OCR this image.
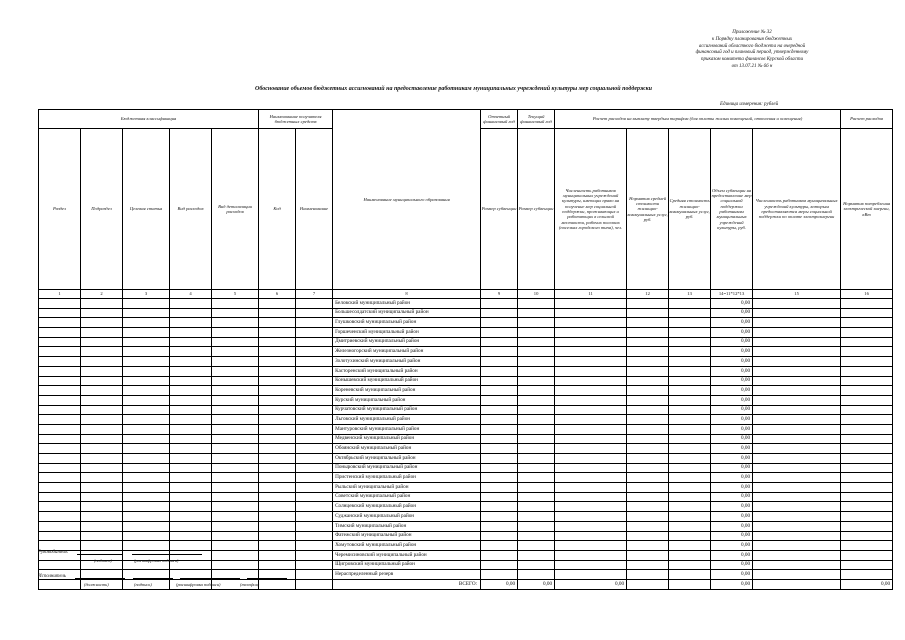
Приложение № 32
к Порядку планирования бюджетных
ассигнований областного бюджета на очередной
финансовый год и плановый период, утвержденному
приказом комитета финансов Курской области
от 13.07.21 № 66 н
Обоснование объемов бюджетных ассигнований на предоставление работникам муниципальных учреждений культуры мер социальной поддержки
Единица измерения: рублей
Бюджетная классификация					Наименование получателя бюджетных средств		Наименование муниципального образования	Отчетный финансовый год	Текущий финансовый год	Расчет расходов на выплату твердым тарифом (для оплаты жилых помещений, отопления и освещения)					Расчет расходов
Раздел	Подраздел	Целевая статья	Вид расходов	Вид детализации расходов	Код	Наименование		Размер субвенции	Размер субвенции	Численность работников муниципальных учреждений культуры, имеющих право на получение мер социальной поддержки, проживающих и работающих в сельской местности, рабочих поселках (поселках городского типа), чел.	Норматив средней стоимости жилищно-коммунальных услуг, руб.	Средняя стоимость жилищно-коммунальных услуг, руб.	Объем субвенции на предоставление мер социальной поддержки работникам муниципальных учреждений культуры, руб.	Численность работников муниципальных учреждений культуры, которым предоставляются меры социальной поддержки по оплате электроэнергии	Норматив потребления электрической энергии, кВт
1	2	3	4	5	6	7	8	9	10	11	12	13	14=11*12*13	15	16
							Беловский муниципальный район						0,00		
							Большесолдатский муниципальный район						0,00		
							Глушковский муниципальный район						0,00		
							Горшеченский муниципальный район						0,00		
							Дмитриевский муниципальный район						0,00		
							Железногорский муниципальный район						0,00		
							Золотухинский муниципальный район						0,00		
							Касторенский муниципальный район						0,00		
							Конышевский муниципальный район						0,00		
							Кореневский муниципальный район						0,00		
							Курский муниципальный район						0,00		
							Курчатовский муниципальный район						0,00		
							Льговский муниципальный район						0,00		
							Мантуровский муниципальный район						0,00		
							Медвенский муниципальный район						0,00		
							Обоянский муниципальный район						0,00		
							Октябрьский муниципальный район						0,00		
							Поныровский муниципальный район						0,00		
							Пристенский муниципальный район						0,00		
							Рыльский муниципальный район						0,00		
							Советский муниципальный район						0,00		
							Солнцевский муниципальный район						0,00		
							Суджанский муниципальный район						0,00		
							Тимский муниципальный район						0,00		
							Фатежский муниципальный район						0,00		
							Хомутовский муниципальный район						0,00		
							Черемисиновский муниципальный район						0,00		
							Щигровский муниципальный район						0,00		
							Нераспределенный резерв						0,00		
							ВСЕГО:	0,00	0,00	0,00			0,00		0,00
Руководитель
(подпись)	(расшифровка подписи)
Исполнитель
(должность)	(подпись)	(расшифровка подписи)	(телефон)
